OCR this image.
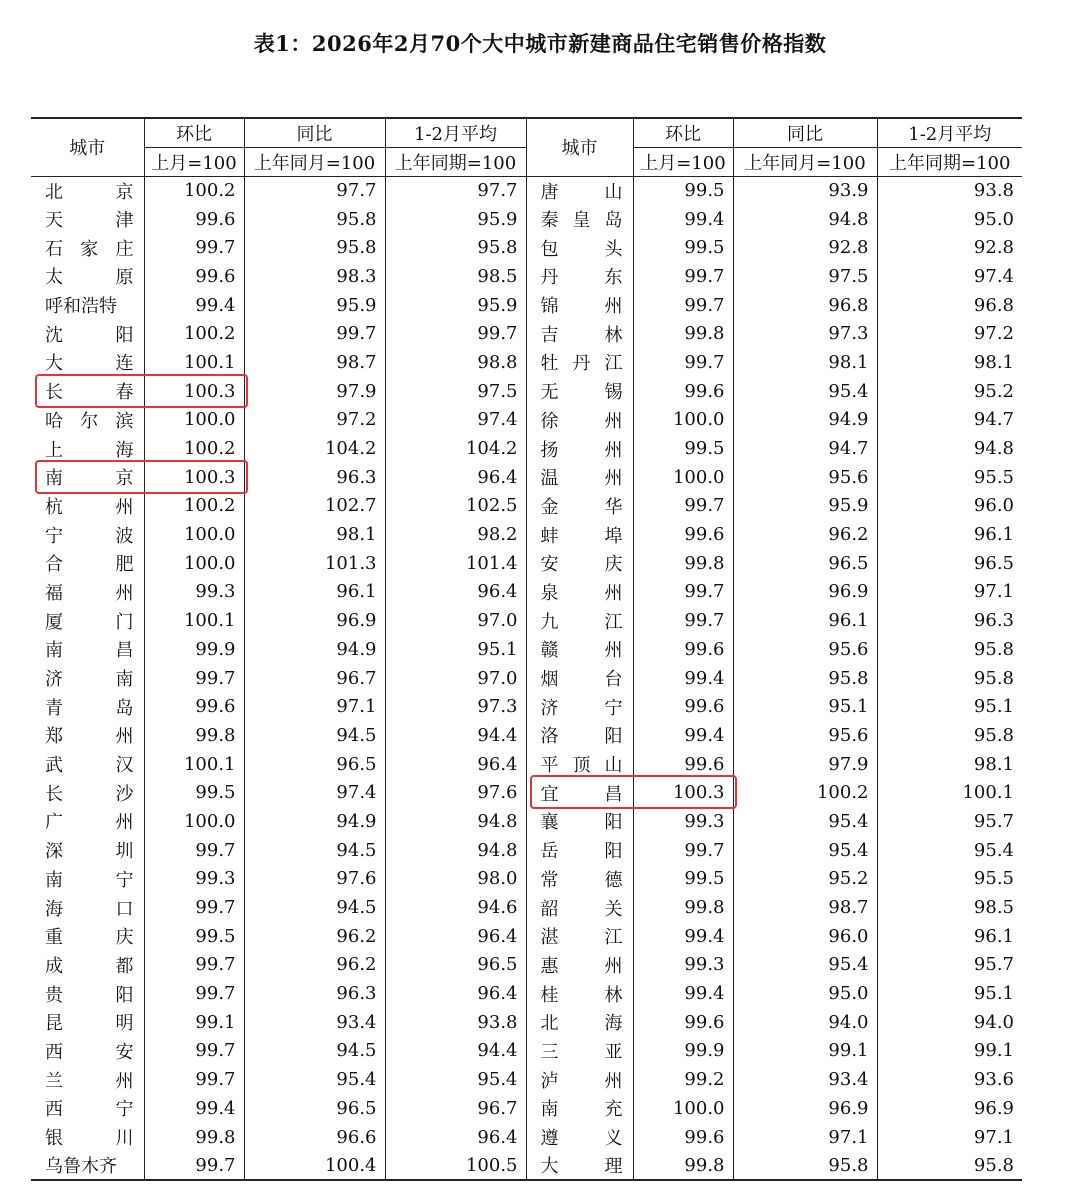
表1：2026年2月70个大中城市新建商品住宅销售价格指数
城市	环比	同比	1-2月平均	城市	环比	同比	1-2月平均
	上月=100	上年同月=100	上年同期=100		上月=100	上年同月=100	上年同期=100

北 京	100.2	97.7	97.7	唐 山	99.5	93.9	93.8

天 津	99.6	95.8	95.9	秦 皇 岛	99.4	94.8	95.0

石 家 庄	99.7	95.8	95.8	包 头	99.5	92.8	92.8

太 原	99.6	98.3	98.5	丹 东	99.7	97.5	97.4

呼和浩特	99.4	95.9	95.9	锦 州	99.7	96.8	96.8

沈 阳	100.2	99.7	99.7	吉 林	99.8	97.3	97.2

大 连	100.1	98.7	98.8	牡 丹 江	99.7	98.1	98.1

长 春	100.3	97.9	97.5	无 锡	99.6	95.4	95.2

哈 尔 滨	100.0	97.2	97.4	徐 州	100.0	94.9	94.7

上 海	100.2	104.2	104.2	扬 州	99.5	94.7	94.8

南 京	100.3	96.3	96.4	温 州	100.0	95.6	95.5

杭 州	100.2	102.7	102.5	金 华	99.7	95.9	96.0

宁 波	100.0	98.1	98.2	蚌 埠	99.6	96.2	96.1

合 肥	100.0	101.3	101.4	安 庆	99.8	96.5	96.5

福 州	99.3	96.1	96.4	泉 州	99.7	96.9	97.1

厦 门	100.1	96.9	97.0	九 江	99.7	96.1	96.3

南 昌	99.9	94.9	95.1	赣 州	99.6	95.6	95.8

济 南	99.7	96.7	97.0	烟 台	99.4	95.8	95.8

青 岛	99.6	97.1	97.3	济 宁	99.6	95.1	95.1

郑 州	99.8	94.5	94.4	洛 阳	99.4	95.6	95.8

武 汉	100.1	96.5	96.4	平 顶 山	99.6	97.9	98.1

长 沙	99.5	97.4	97.6	宜 昌	100.3	100.2	100.1

广 州	100.0	94.9	94.8	襄 阳	99.3	95.4	95.7

深 圳	99.7	94.5	94.8	岳 阳	99.7	95.4	95.4

南 宁	99.3	97.6	98.0	常 德	99.5	95.2	95.5

海 口	99.7	94.5	94.6	韶 关	99.8	98.7	98.5

重 庆	99.5	96.2	96.4	湛 江	99.4	96.0	96.1

成 都	99.7	96.2	96.5	惠 州	99.3	95.4	95.7

贵 阳	99.7	96.3	96.4	桂 林	99.4	95.0	95.1

昆 明	99.1	93.4	93.8	北 海	99.6	94.0	94.0

西 安	99.7	94.5	94.4	三 亚	99.9	99.1	99.1

兰 州	99.7	95.4	95.4	泸 州	99.2	93.4	93.6

西 宁	99.4	96.5	96.7	南 充	100.0	96.9	96.9

银 川	99.8	96.6	96.4	遵 义	99.6	97.1	97.1

乌鲁木齐	99.7	100.4	100.5	大 理	99.8	95.8	95.8
